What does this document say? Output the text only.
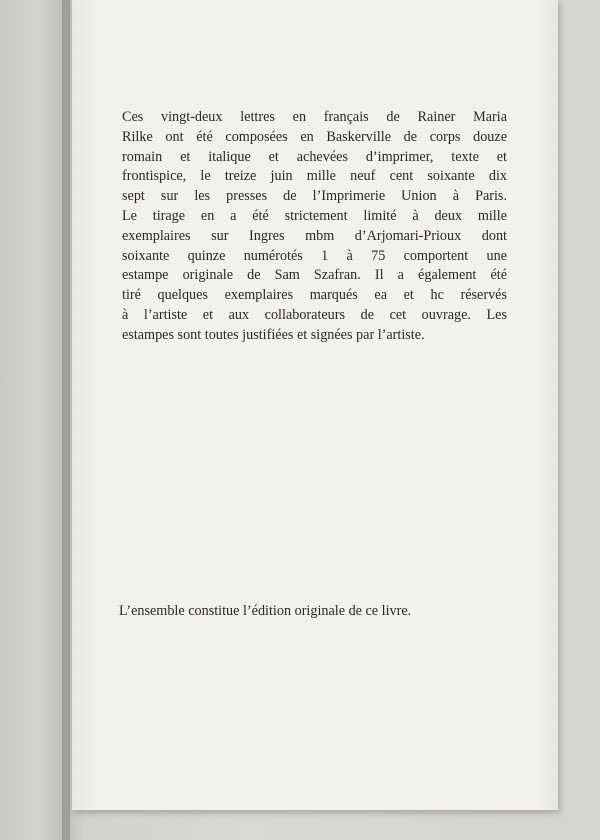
Ces vingt-deux lettres en français de Rainer Maria
Rilke ont été composées en Baskerville de corps douze
romain et italique et achevées d’imprimer, texte et
frontispice, le treize juin mille neuf cent soixante dix
sept sur les presses de l’Imprimerie Union à Paris.
Le tirage en a été strictement limité à deux mille
exemplaires sur Ingres mbm d’Arjomari-Prioux dont
soixante quinze numérotés 1 à 75 comportent une
estampe originale de Sam Szafran. Il a également été
tiré quelques exemplaires marqués ea et hc réservés
à l’artiste et aux collaborateurs de cet ouvrage. Les
estampes sont toutes justifiées et signées par l’artiste.

L’ensemble constitue l’édition originale de ce livre.
